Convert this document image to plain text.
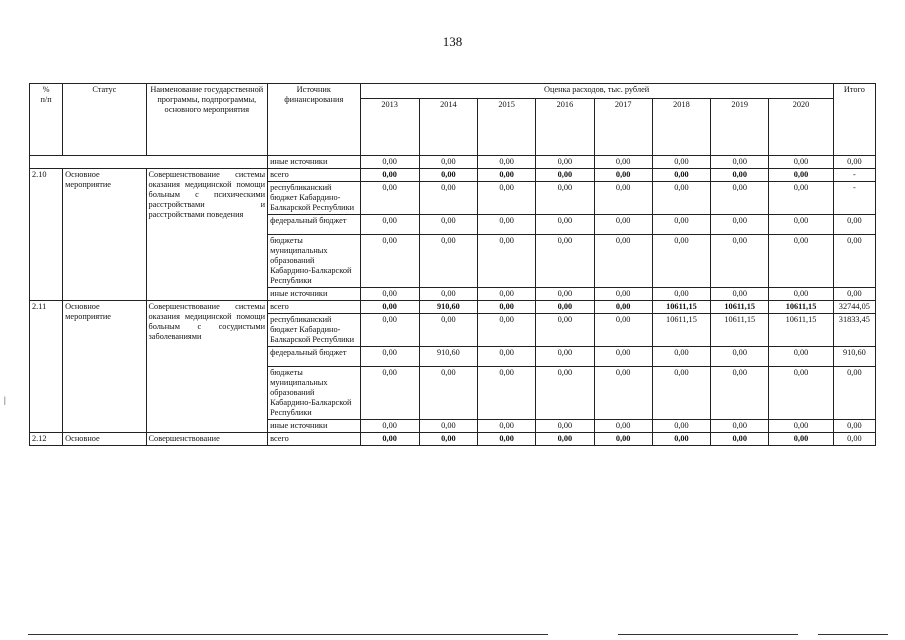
138
%
п/п	Статус	Наименование государственной программы, подпрограммы, основного мероприятия	Источник финансирования	Оценка расходов, тыс. рублей								Итого
				2013	2014	2015	2016	2017	2018	2019	2020	
			иные источники	0,00	0,00	0,00	0,00	0,00	0,00	0,00	0,00	0,00
2.10	Основное мероприятие	Совершенствование системы оказания медицинской помощи больным с психическими расстройствами и расстройствами поведения	всего	0,00	0,00	0,00	0,00	0,00	0,00	0,00	0,00	-
			республиканский бюджет Кабардино-Балкарской Республики	0,00	0,00	0,00	0,00	0,00	0,00	0,00	0,00	-
			федеральный бюджет	0,00	0,00	0,00	0,00	0,00	0,00	0,00	0,00	0,00
			бюджеты муниципальных образований Кабардино-Балкарской Республики	0,00	0,00	0,00	0,00	0,00	0,00	0,00	0,00	0,00
			иные источники	0,00	0,00	0,00	0,00	0,00	0,00	0,00	0,00	0,00
2.11	Основное мероприятие	Совершенствование системы оказания медицинской помощи больным с сосудистыми заболеваниями	всего	0,00	910,60	0,00	0,00	0,00	10611,15	10611,15	10611,15	32744,05
			республиканский бюджет Кабардино-Балкарской Республики	0,00	0,00	0,00	0,00	0,00	10611,15	10611,15	10611,15	31833,45
			федеральный бюджет	0,00	910,60	0,00	0,00	0,00	0,00	0,00	0,00	910,60
			бюджеты муниципальных образований Кабардино-Балкарской Республики	0,00	0,00	0,00	0,00	0,00	0,00	0,00	0,00	0,00
			иные источники	0,00	0,00	0,00	0,00	0,00	0,00	0,00	0,00	0,00
2.12	Основное	Совершенствование	всего	0,00	0,00	0,00	0,00	0,00	0,00	0,00	0,00	0,00
|
